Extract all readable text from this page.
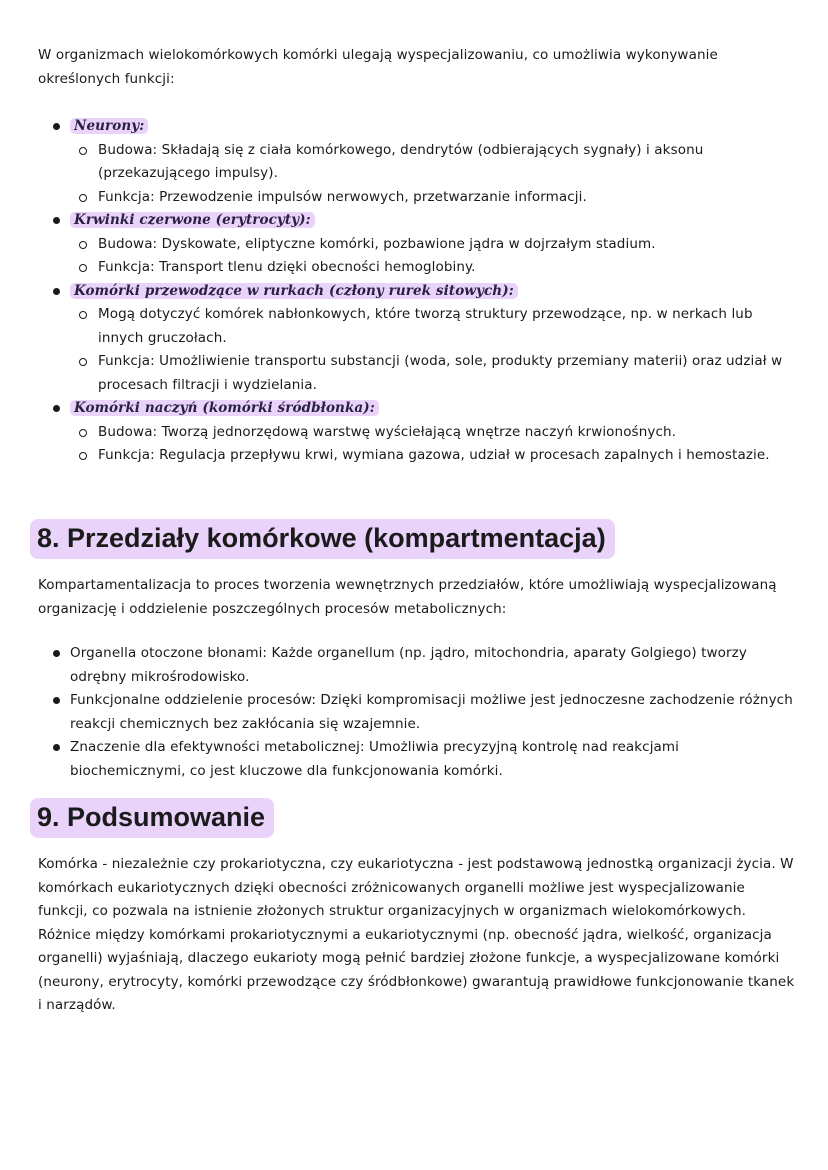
W organizmach wielokomórkowych komórki ulegają wyspecjalizowaniu, co umożliwia wykonywanie określonych funkcji:
Neurony:
Budowa: Składają się z ciała komórkowego, dendrytów (odbierających sygnały) i aksonu (przekazującego impulsy).
Funkcja: Przewodzenie impulsów nerwowych, przetwarzanie informacji.
Krwinki czerwone (erytrocyty):
Budowa: Dyskowate, eliptyczne komórki, pozbawione jądra w dojrzałym stadium.
Funkcja: Transport tlenu dzięki obecności hemoglobiny.
Komórki przewodzące w rurkach (człony rurek sitowych):
Mogą dotyczyć komórek nabłonkowych, które tworzą struktury przewodzące, np. w nerkach lub innych gruczołach.
Funkcja: Umożliwienie transportu substancji (woda, sole, produkty przemiany materii) oraz udział w procesach filtracji i wydzielania.
Komórki naczyń (komórki śródbłonka):
Budowa: Tworzą jednorzędową warstwę wyściełającą wnętrze naczyń krwionośnych.
Funkcja: Regulacja przepływu krwi, wymiana gazowa, udział w procesach zapalnych i hemostazie.
8. Przedziały komórkowe (kompartmentacja)
Kompartamentalizacja to proces tworzenia wewnętrznych przedziałów, które umożliwiają wyspecjalizowaną organizację i oddzielenie poszczególnych procesów metabolicznych:
Organella otoczone błonami: Każde organellum (np. jądro, mitochondria, aparaty Golgiego) tworzy odrębny mikrośrodowisko.
Funkcjonalne oddzielenie procesów: Dzięki kompromisacji możliwe jest jednoczesne zachodzenie różnych reakcji chemicznych bez zakłócania się wzajemnie.
Znaczenie dla efektywności metabolicznej: Umożliwia precyzyjną kontrolę nad reakcjami biochemicznymi, co jest kluczowe dla funkcjonowania komórki.
9. Podsumowanie
Komórka - niezależnie czy prokariotyczna, czy eukariotyczna - jest podstawową jednostką organizacji życia. W komórkach eukariotycznych dzięki obecności zróżnicowanych organelli możliwe jest wyspecjalizowanie funkcji, co pozwala na istnienie złożonych struktur organizacyjnych w organizmach wielokomórkowych. Różnice między komórkami prokariotycznymi a eukariotycznymi (np. obecność jądra, wielkość, organizacja organelli) wyjaśniają, dlaczego eukarioty mogą pełnić bardziej złożone funkcje, a wyspecjalizowane komórki (neurony, erytrocyty, komórki przewodzące czy śródbłonkowe) gwarantują prawidłowe funkcjonowanie tkanek i narządów.
